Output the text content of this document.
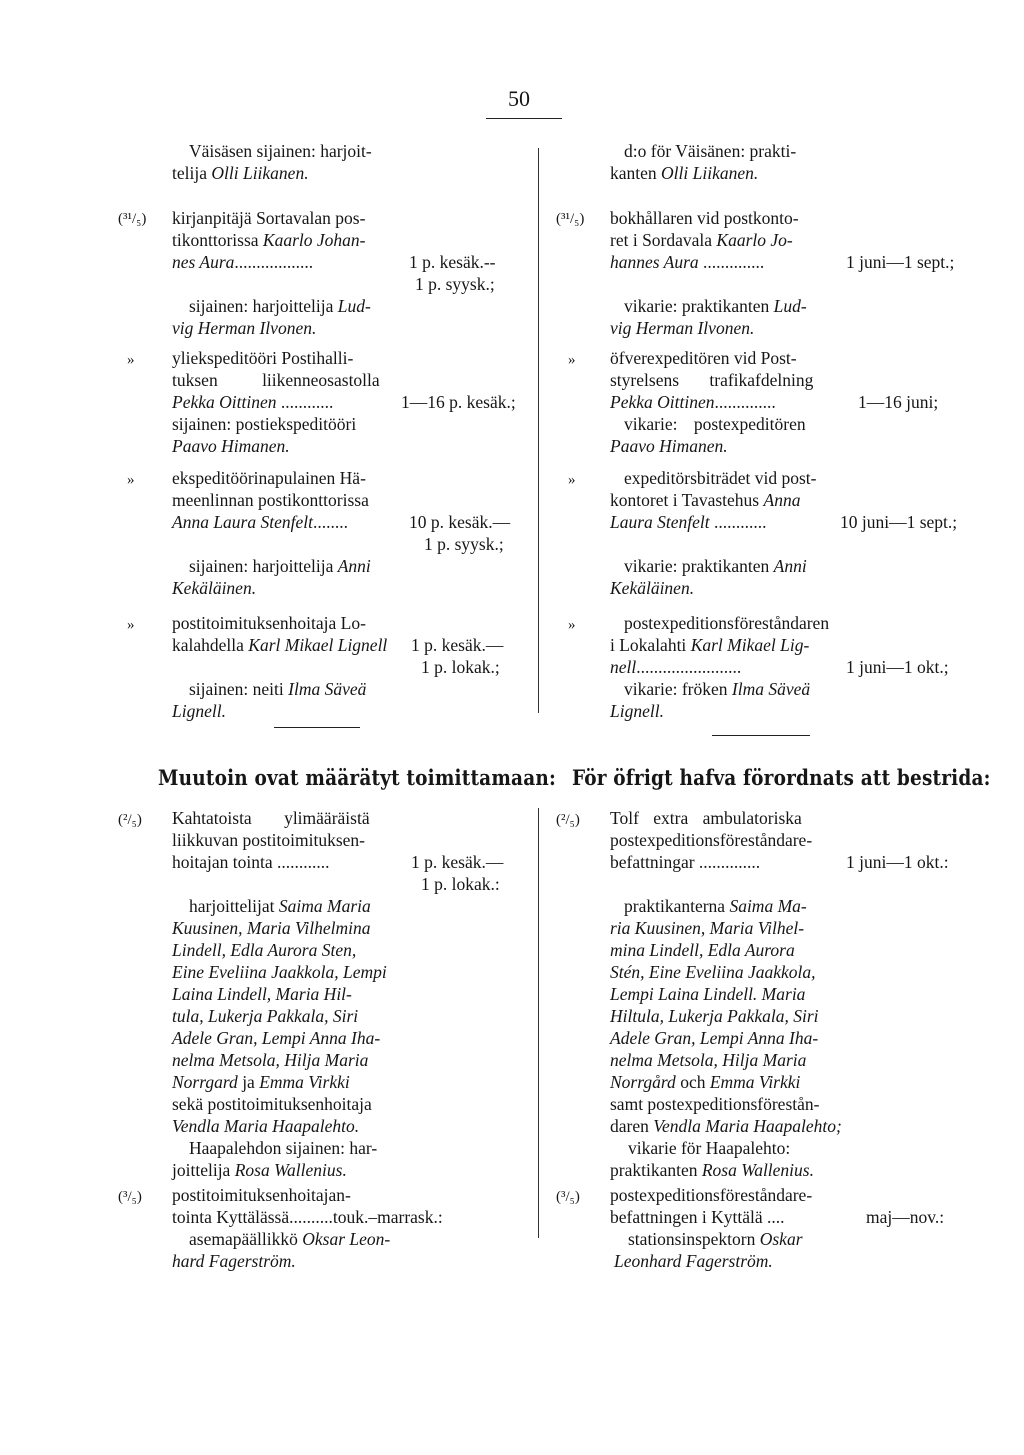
50
Väisäsen sijainen: harjoit-
telija Olli Liikanen.
(³¹/₅) kirjanpitäjä Sortavalan pos-
tikonttorissa Kaarlo Johan-
nes Aura..................	1 p. kesäk.--
1 p. syysk.;
sijainen: harjoittelija Lud-
vig Herman Ilvonen.
» yliekspeditööri Postihalli-
tuksen liikenneosastolla
Pekka Oittinen ............	1—16 p. kesäk.;
sijainen: postiekspeditööri
Paavo Himanen.
» ekspeditöörinapulainen Hä-
meenlinnan postikonttorissa
Anna Laura Stenfelt........	10 p. kesäk.—
1 p. syysk.;
sijainen: harjoittelija Anni
Kekäläinen.
» postitoimituksenhoitaja Lo-
kalahdella Karl Mikael Lignell 1 p. kesäk.—
1 p. lokak.;
sijainen: neiti Ilma Säveä
Lignell.
Muutoin ovat määrätyt toimittamaan:
(²/₅) Kahtatoista ylimääräistä
liikkuvan postitoimituksen-
hoitajan tointa ............	1 p. kesäk.—
1 p. lokak.:
harjoittelijat Saima Maria
Kuusinen, Maria Vilhelmina
Lindell, Edla Aurora Sten,
Eine Eveliina Jaakkola, Lempi
Laina Lindell, Maria Hil-
tula, Lukerja Pakkala, Siri
Adele Gran, Lempi Anna Iha-
nelma Metsola, Hilja Maria
Norrgard ja Emma Virkki
sekä postitoimituksenhoitaja
Vendla Maria Haapalehto.
Haapalehdon sijainen: har-
joittelija Rosa Wallenius.
(³/₅) postitoimituksenhoitajan-
tointa Kyttälässä..........touk.–marrask.:
asemapäällikkö Oksar Leon-
hard Fagerström.
d:o för Väisänen: prakti-
kanten Olli Liikanen.
(³¹/₅) bokhållaren vid postkonto-
ret i Sordavala Kaarlo Jo-
hannes Aura ..............	1 juni—1 sept.;
vikarie: praktikanten Lud-
vig Herman Ilvonen.
» öfverexpeditören vid Post-
styrelsens trafikafdelning
Pekka Oittinen..............	1—16 juni;
vikarie: postexpeditören
Paavo Himanen.
»	expeditörsbiträdet vid post-
kontoret i Tavastehus Anna
Laura Stenfelt ............	10 juni—1 sept.;
vikarie: praktikanten Anni
Kekäläinen.
»	postexpeditionsföreståndaren
i Lokalahti Karl Mikael Lig-
nell........................	1 juni—1 okt.;
vikarie: fröken Ilma Säveä
Lignell.
För öfrigt hafva förordnats att bestrida:
(²/₅) Tolf extra ambulatoriska
postexpeditionsföreståndare-
befattningar ..............	1 juni—1 okt.:
praktikanterna Saima Ma-
ria Kuusinen, Maria Vilhel-
mina Lindell, Edla Aurora
Stén, Eine Eveliina Jaakkola,
Lempi Laina Lindell. Maria
Hiltula, Lukerja Pakkala, Siri
Adele Gran, Lempi Anna Iha-
nelma Metsola, Hilja Maria
Norrgård och Emma Virkki
samt postexpeditionsförestån-
daren Vendla Maria Haapalehto;
vikarie för Haapalehto:
praktikanten Rosa Wallenius.
(³/₅) postexpeditionsföreståndare-
befattningen i Kyttälä ....	maj—nov.:
stationsinspektorn Oskar
Leonhard Fagerström.
